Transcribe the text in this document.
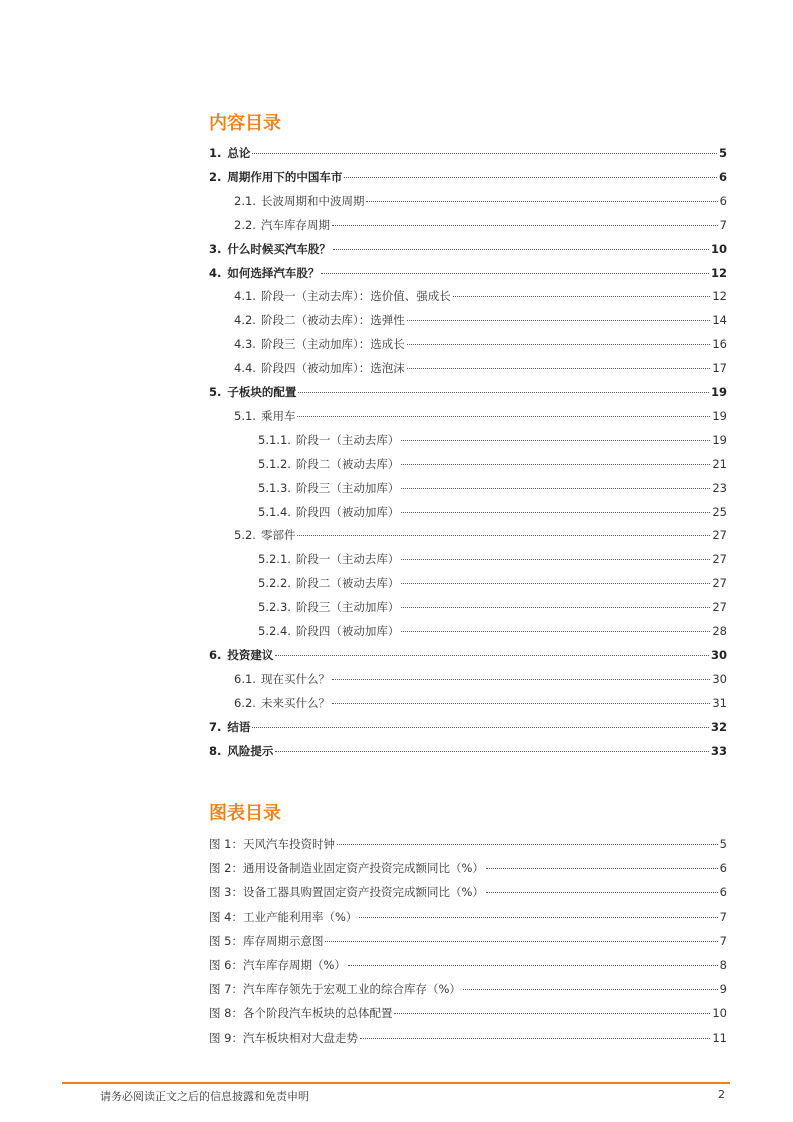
内容目录
1. 总论	5
2. 周期作用下的中国车市	6
2.1. 长波周期和中波周期	6
2.2. 汽车库存周期	7
3. 什么时候买汽车股？	10
4. 如何选择汽车股？	12
4.1. 阶段一（主动去库）：选价值、强成长	12
4.2. 阶段二（被动去库）：选弹性	14
4.3. 阶段三（主动加库）：选成长	16
4.4. 阶段四（被动加库）：选泡沫	17
5. 子板块的配置	19
5.1. 乘用车	19
5.1.1. 阶段一（主动去库）	19
5.1.2. 阶段二（被动去库）	21
5.1.3. 阶段三（主动加库）	23
5.1.4. 阶段四（被动加库）	25
5.2. 零部件	27
5.2.1. 阶段一（主动去库）	27
5.2.2. 阶段二（被动去库）	27
5.2.3. 阶段三（主动加库）	27
5.2.4. 阶段四（被动加库）	28
6. 投资建议	30
6.1. 现在买什么？	30
6.2. 未来买什么？	31
7. 结语	32
8. 风险提示	33
图表目录
图 1：天风汽车投资时钟	5
图 2：通用设备制造业固定资产投资完成额同比（%）	6
图 3：设备工器具购置固定资产投资完成额同比（%）	6
图 4：工业产能利用率（%）	7
图 5：库存周期示意图	7
图 6：汽车库存周期（%）	8
图 7：汽车库存领先于宏观工业的综合库存（%）	9
图 8：各个阶段汽车板块的总体配置	10
图 9：汽车板块相对大盘走势	11
请务必阅读正文之后的信息披露和免责申明	2
